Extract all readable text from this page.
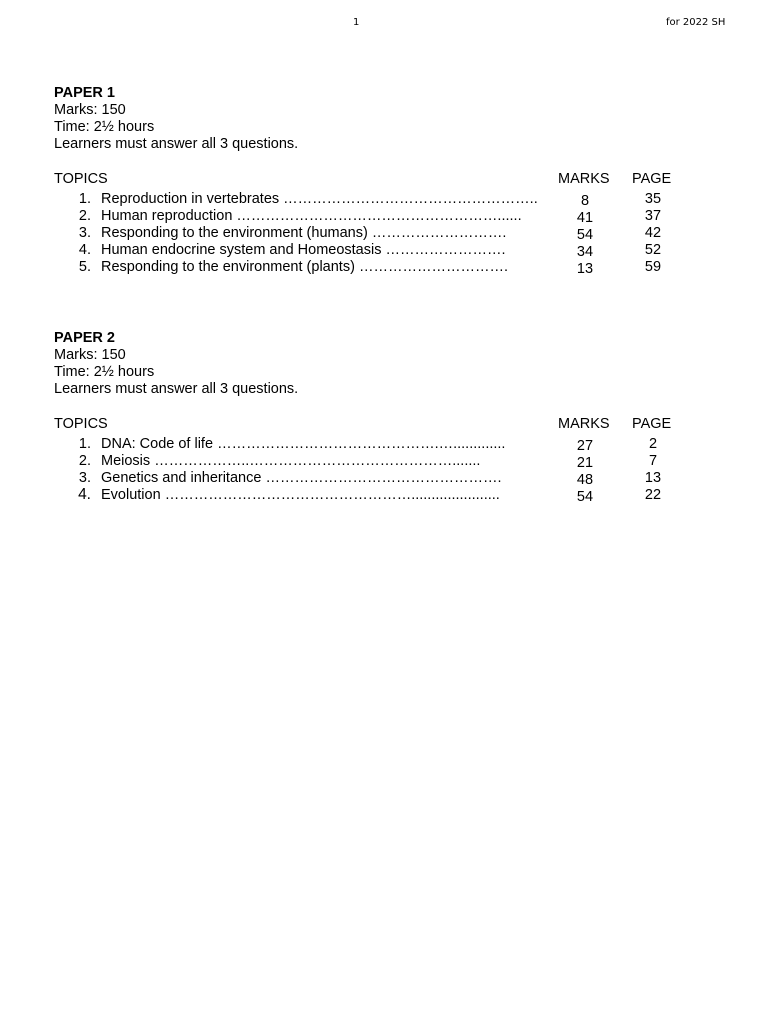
1	for 2022 SH
PAPER 1
Marks: 150
Time: 2½ hours
Learners must answer all 3 questions.
TOPICS	MARKS PAGE
1. Reproduction in vertebrates ……………………………………………..	8	35
2. Human reproduction ………………………………………………......	41	37
3. Responding to the environment (humans) ……………………….	54	42
4. Human endocrine system and Homeostasis …………………….	34	52
5. Responding to the environment (plants) ………………………….	13	59
PAPER 2
Marks: 150
Time: 2½ hours
Learners must answer all 3 questions.
TOPICS	MARKS PAGE
1. DNA: Code of life ……………………………………….….............	27	2
2. Meiosis ………………..…………………………………….......	21	7
3. Genetics and inheritance ………………………………………….	48	13
4. Evolution ……………………………………………......................	54	22
